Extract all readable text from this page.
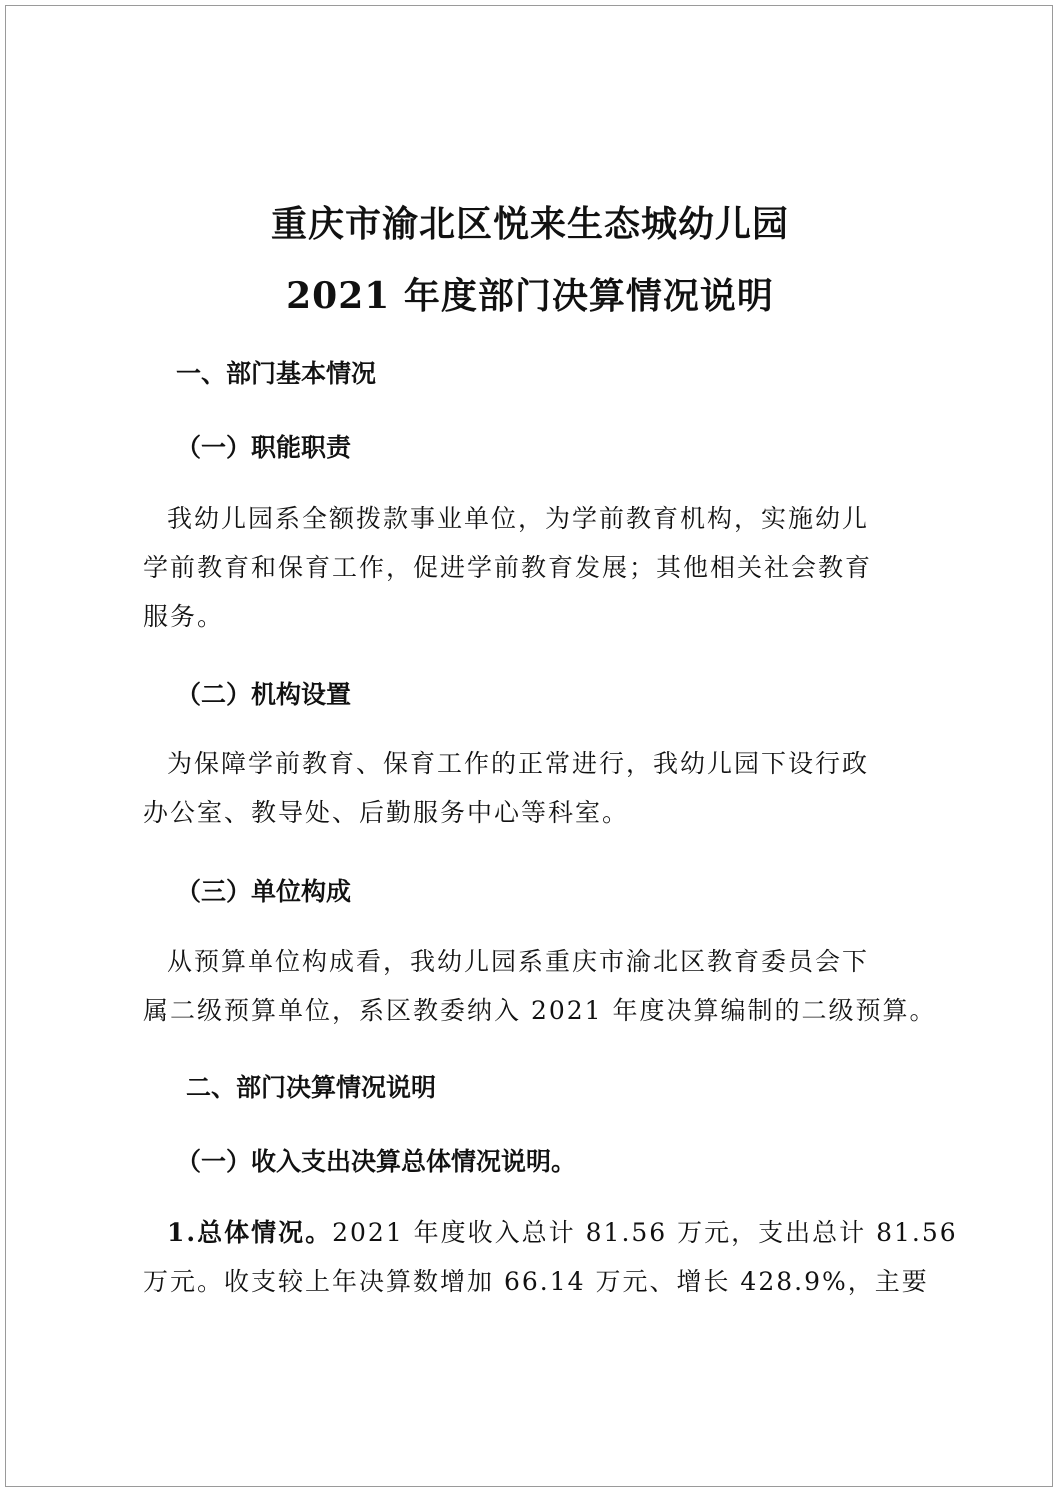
重庆市渝北区悦来生态城幼儿园
2021 年度部门决算情况说明
一、部门基本情况
（一）职能职责
我幼儿园系全额拨款事业单位，为学前教育机构，实施幼儿
学前教育和保育工作，促进学前教育发展；其他相关社会教育
服务。
（二）机构设置
为保障学前教育、保育工作的正常进行，我幼儿园下设行政
办公室、教导处、后勤服务中心等科室。
（三）单位构成
从预算单位构成看，我幼儿园系重庆市渝北区教育委员会下
属二级预算单位，系区教委纳入 2021 年度决算编制的二级预算。
二、部门决算情况说明
（一）收入支出决算总体情况说明。
1.总体情况。2021 年度收入总计 81.56 万元，支出总计 81.56
万元。收支较上年决算数增加 66.14 万元、增长 428.9%，主要
